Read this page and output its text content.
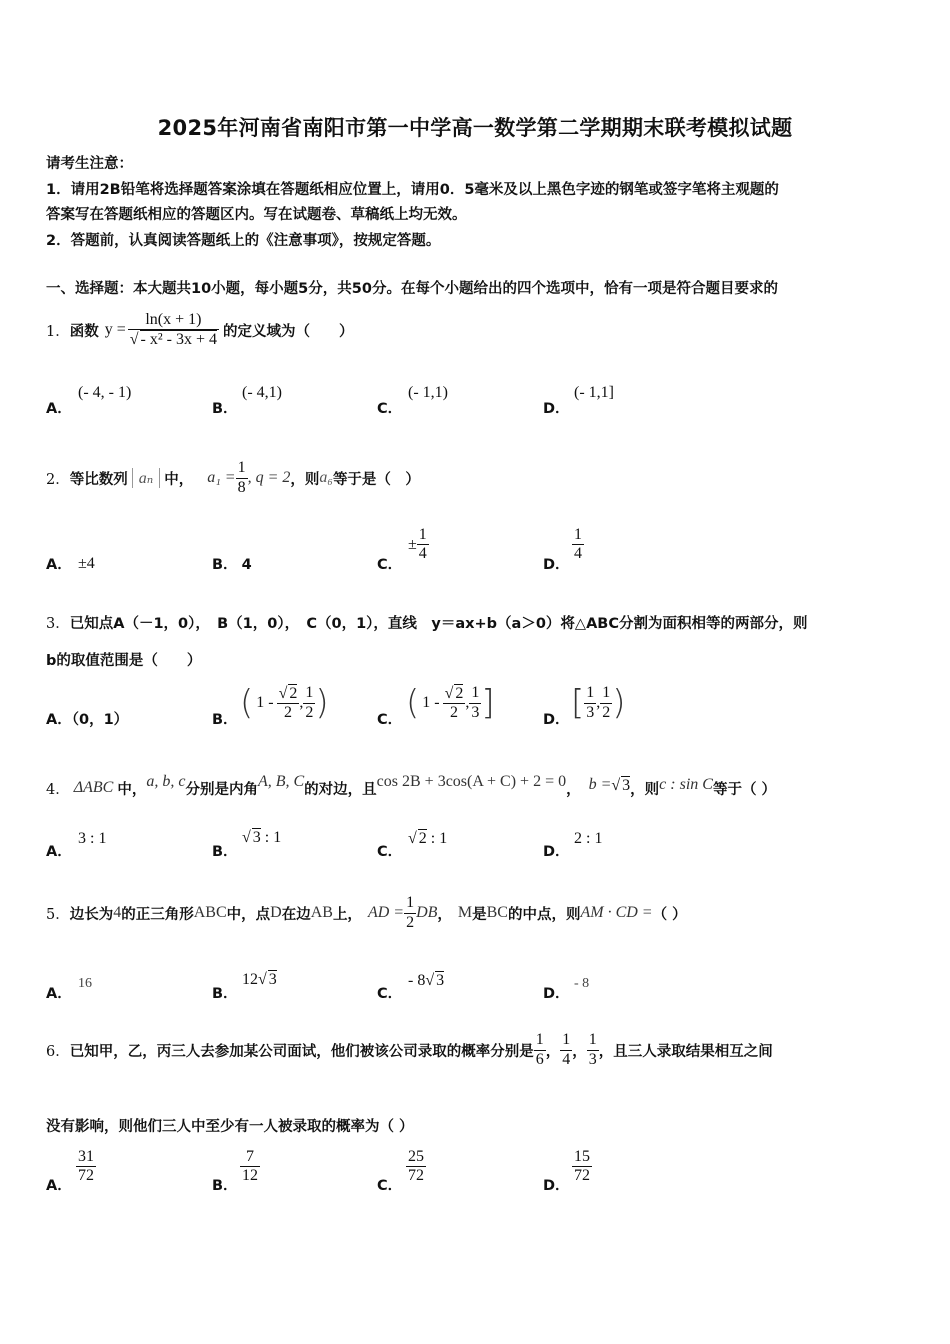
2025年河南省南阳市第一中学高一数学第二学期期末联考模拟试题
请考生注意：
1．请用2B铅笔将选择题答案涂填在答题纸相应位置上，请用0．5毫米及以上黑色字迹的钢笔或签字笔将主观题的
答案写在答题纸相应的答题区内。写在试题卷、草稿纸上均无效。
2．答题前，认真阅读答题纸上的《注意事项》，按规定答题。
一、选择题：本大题共10小题，每小题5分，共50分。在每个小题给出的四个选项中，恰有一项是符合题目要求的
1． 函数 $y = \frac{\ln(x + 1)}{\text{√ - x² - 3x + 4}}$ 的定义域为（　　）
A．
(- 4, - 1)
B．
(- 4,1)
C．
(- 1,1)
D．
(- 1,1]
2． 等比数列 aₙ 中， $a_1 = \frac{1}{8}$ , q = 2 ，则 a₆ 等于是（　）
A． ±4	B． 4	C．
± $\frac{1}{4}$
D．
$\frac{1}{4}$
3．已知点A（－1，0），　B（1，0），　C（0，1），直线　y＝ax+b（a＞0）将△ABC分割为面积相等的两部分，则
b的取值范围是（　　）
A．（0，1）	B． ( $1 - \frac{√ 2}{2}$ , $\frac{1}{2}$ )	C． ( $1 - \frac{√ 2}{2}$ , $\frac{1}{3}$ ]	D． [ $\frac{1}{3}$ , $\frac{1}{2}$ )
4． ΔABC 中， a, b, c 分别是内角 A, B, C 的对边，且 cos 2B + 3cos(A + C) + 2 = 0 ， b = √ 3 ，则 c : sin C 等于（ ）
A．
3 : 1
B．
√ 3 : 1
C．
√ 2 : 1
D．
2 : 1
5． 边长为 4 的正三角形 ABC 中，点 D 在边 AB 上， AD = $\frac{1}{2}$ DB ， M 是 BC 的中点，则 AM · CD = （ ）
A．
16
B．
12√ 3
C．
- 8√ 3
D．
- 8
6． 已知甲，乙，丙三人去参加某公司面试，他们被该公司录取的概率分别是 $\frac{1}{6}$ ， $\frac{1}{4}$ ， $\frac{1}{3}$ ，且三人录取结果相互之间
没有影响，则他们三人中至少有一人被录取的概率为（ ）
A．
$\frac{31}{72}$
B．
$\frac{7}{12}$
C．
$\frac{25}{72}$
D．
$\frac{15}{72}$
